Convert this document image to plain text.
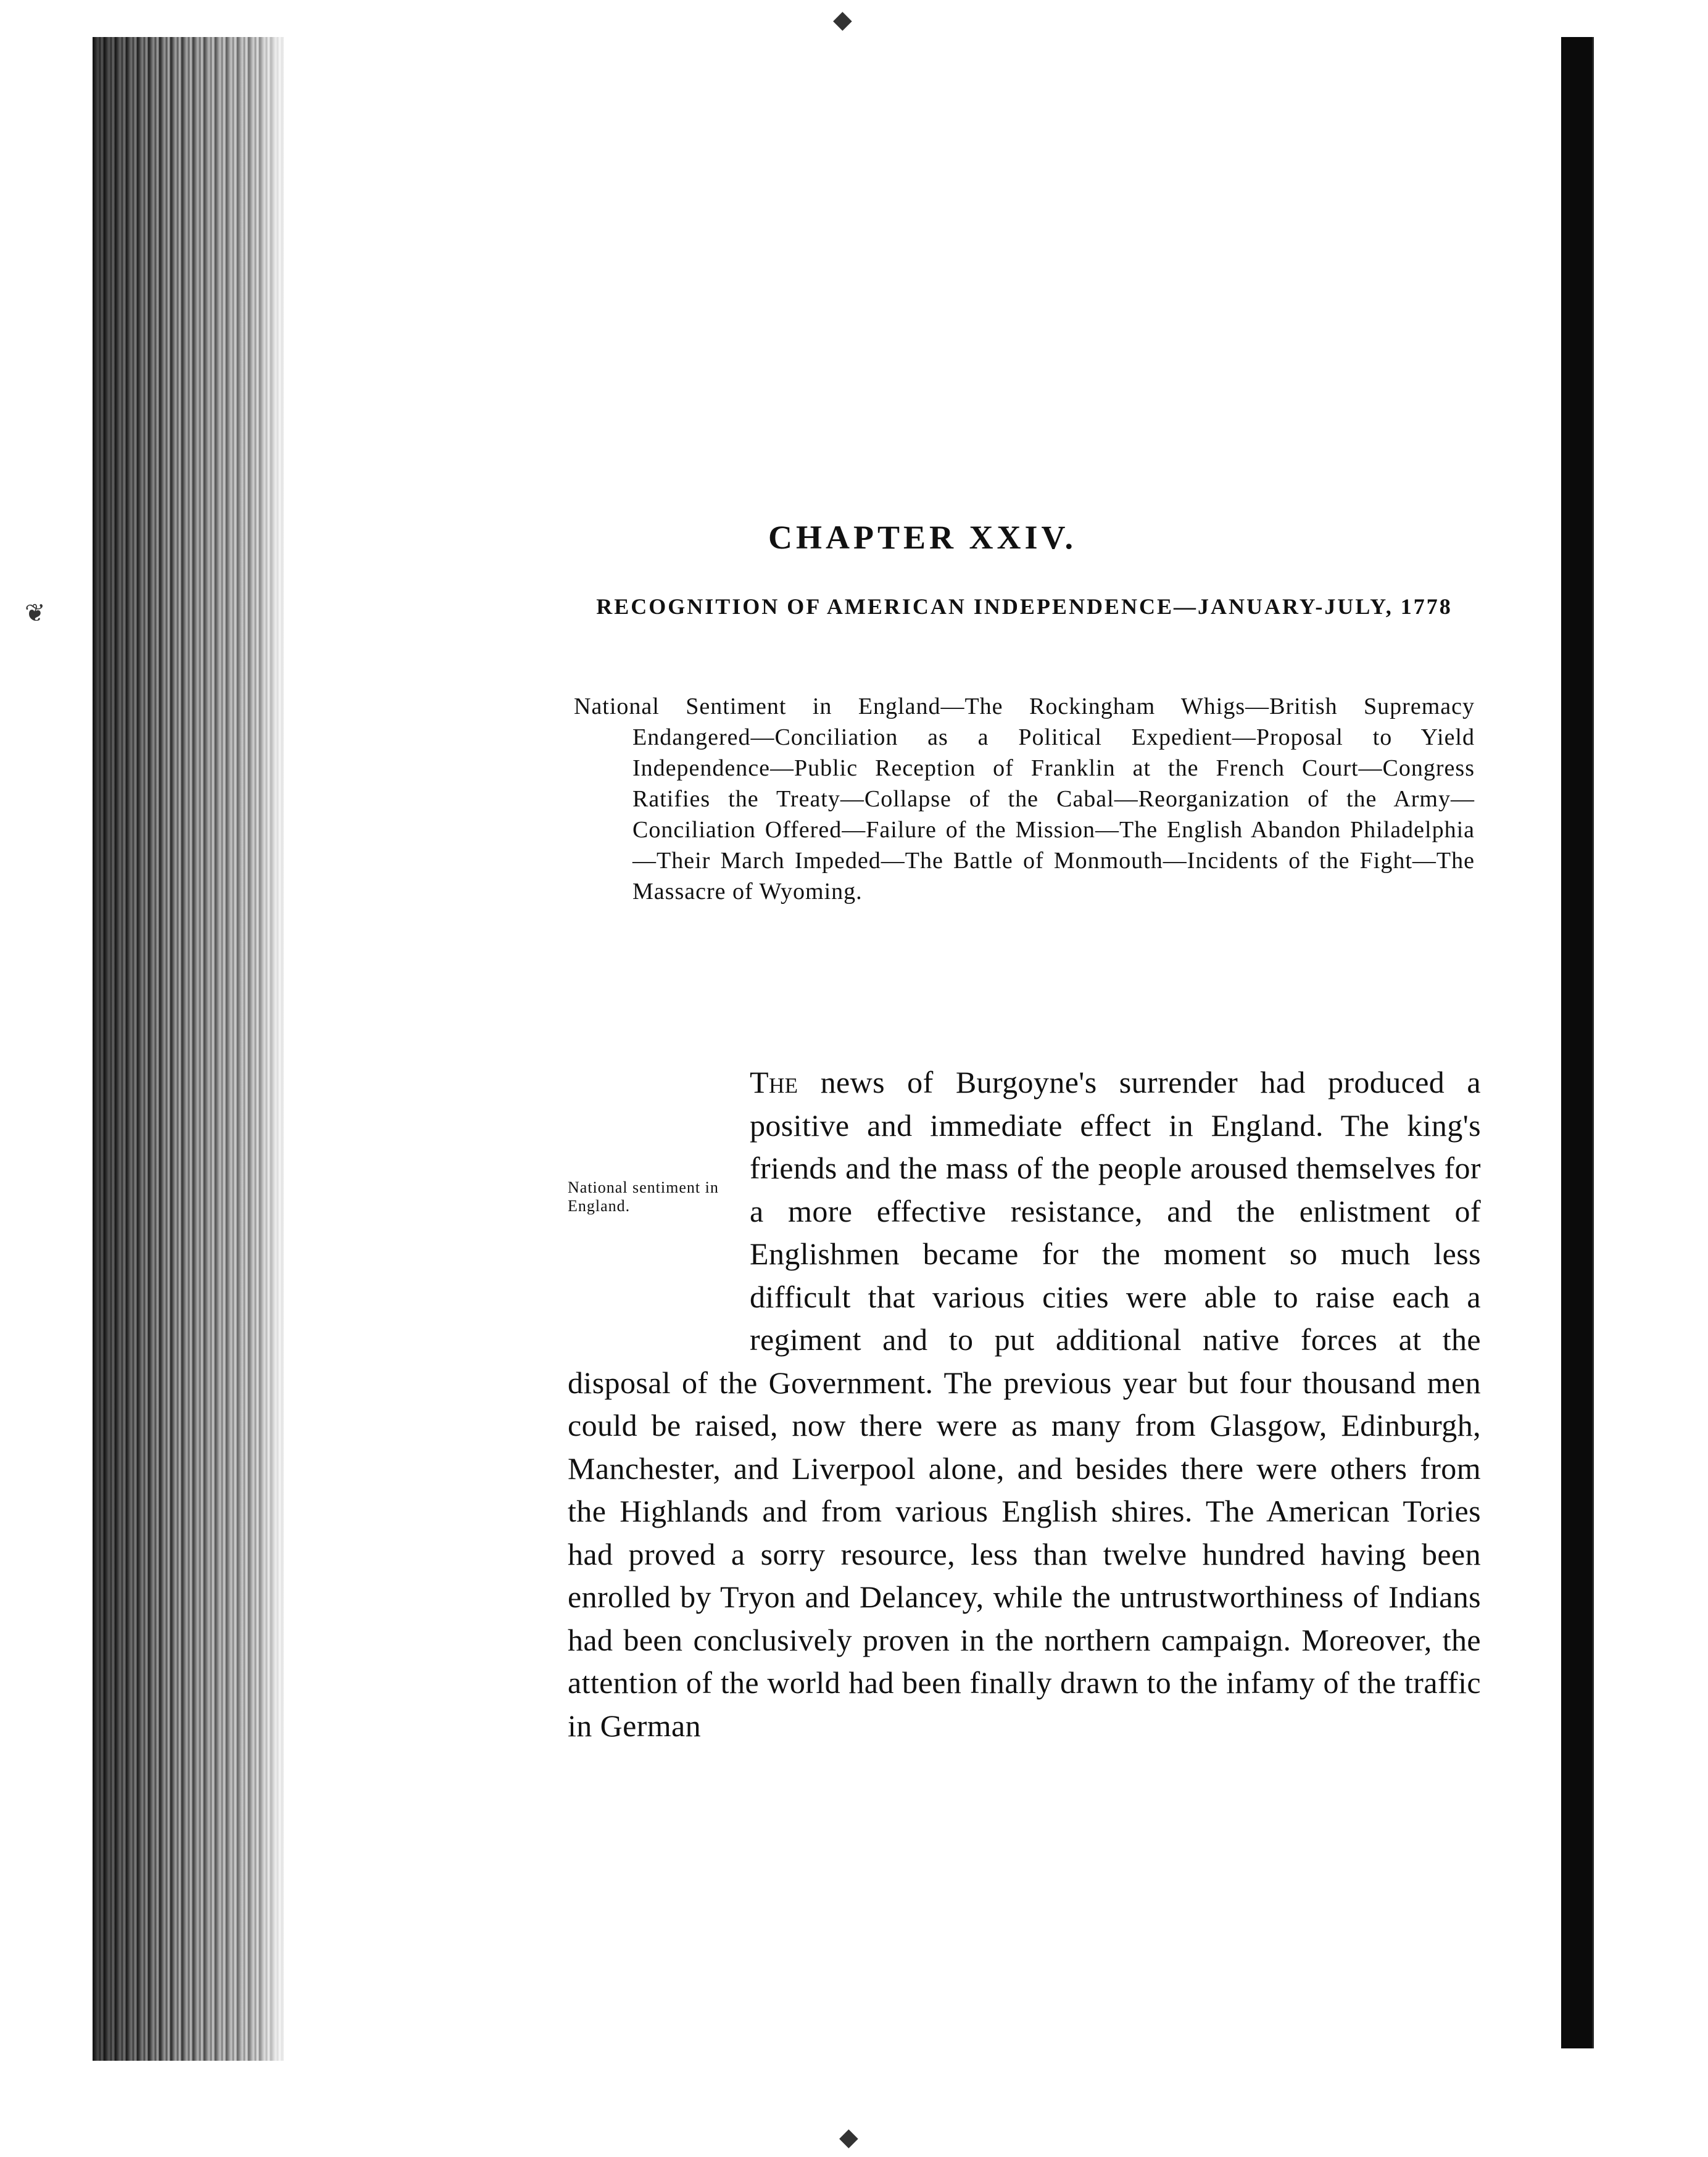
◆
❦
◆
CHAPTER XXIV.
RECOGNITION OF AMERICAN INDEPENDENCE—JANUARY-JULY, 1778
National Sentiment in England—The Rockingham Whigs—British Supremacy Endangered—Conciliation as a Political Expedient—Proposal to Yield Independence—Public Reception of Franklin at the French Court—Congress Ratifies the Treaty—Collapse of the Cabal—Reorganization of the Army—Conciliation Offered—Failure of the Mission—The English Abandon Philadelphia—Their March Impeded—The Battle of Monmouth—Incidents of the Fight—The Massacre of Wyoming.
National sentiment in England.
The news of Burgoyne's surrender had produced a positive and immediate effect in England. The king's friends and the mass of the people aroused themselves for a more effective resistance, and the enlistment of Englishmen became for the moment so much less difficult that various cities were able to raise each a regiment and to put additional native forces at the disposal of the Government. The previous year but four thousand men could be raised, now there were as many from Glasgow, Edinburgh, Manchester, and Liverpool alone, and besides there were others from the Highlands and from various English shires. The American Tories had proved a sorry resource, less than twelve hundred having been enrolled by Tryon and Delancey, while the untrustworthiness of Indians had been conclusively proven in the northern campaign. Moreover, the attention of the world had been finally drawn to the infamy of the traffic in German
